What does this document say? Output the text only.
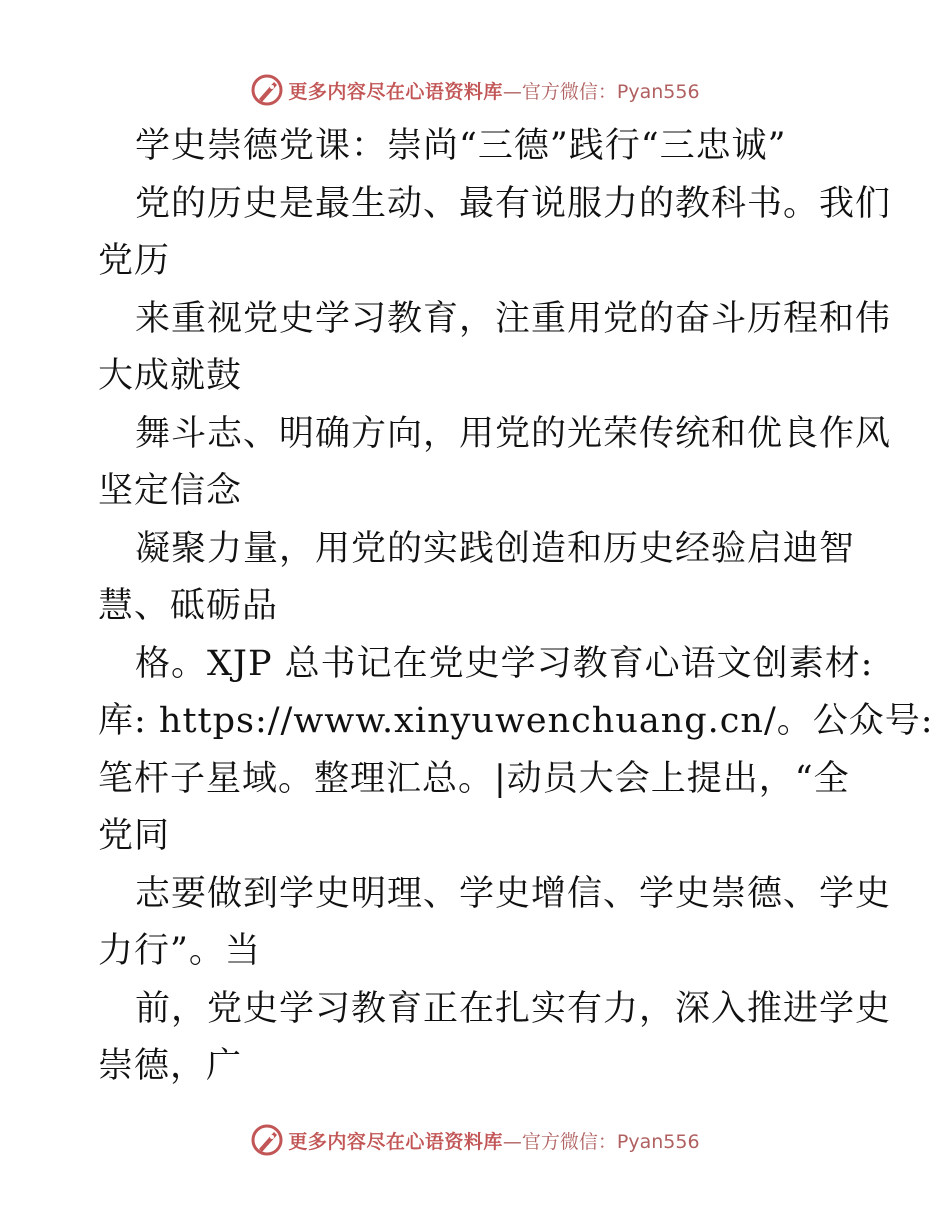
更多内容尽在心语资料库 —官方微信：Pyan556
学史崇德党课：崇尚“三德”践行“三忠诚”
党的历史是最生动、最有说服力的教科书。我们
党历
来重视党史学习教育，注重用党的奋斗历程和伟
大成就鼓
舞斗志、明确方向，用党的光荣传统和优良作风
坚定信念
凝聚力量，用党的实践创造和历史经验启迪智
慧、砥砺品
格。XJP 总书记在党史学习教育心语文创素材:
库: https://www.xinyuwenchuang.cn/。公众号:
笔杆子星域。整理汇总。|动员大会上提出，“全
党同
志要做到学史明理、学史增信、学史崇德、学史
力行”。当
前，党史学习教育正在扎实有力，深入推进学史
崇德，广
更多内容尽在心语资料库 —官方微信：Pyan556
